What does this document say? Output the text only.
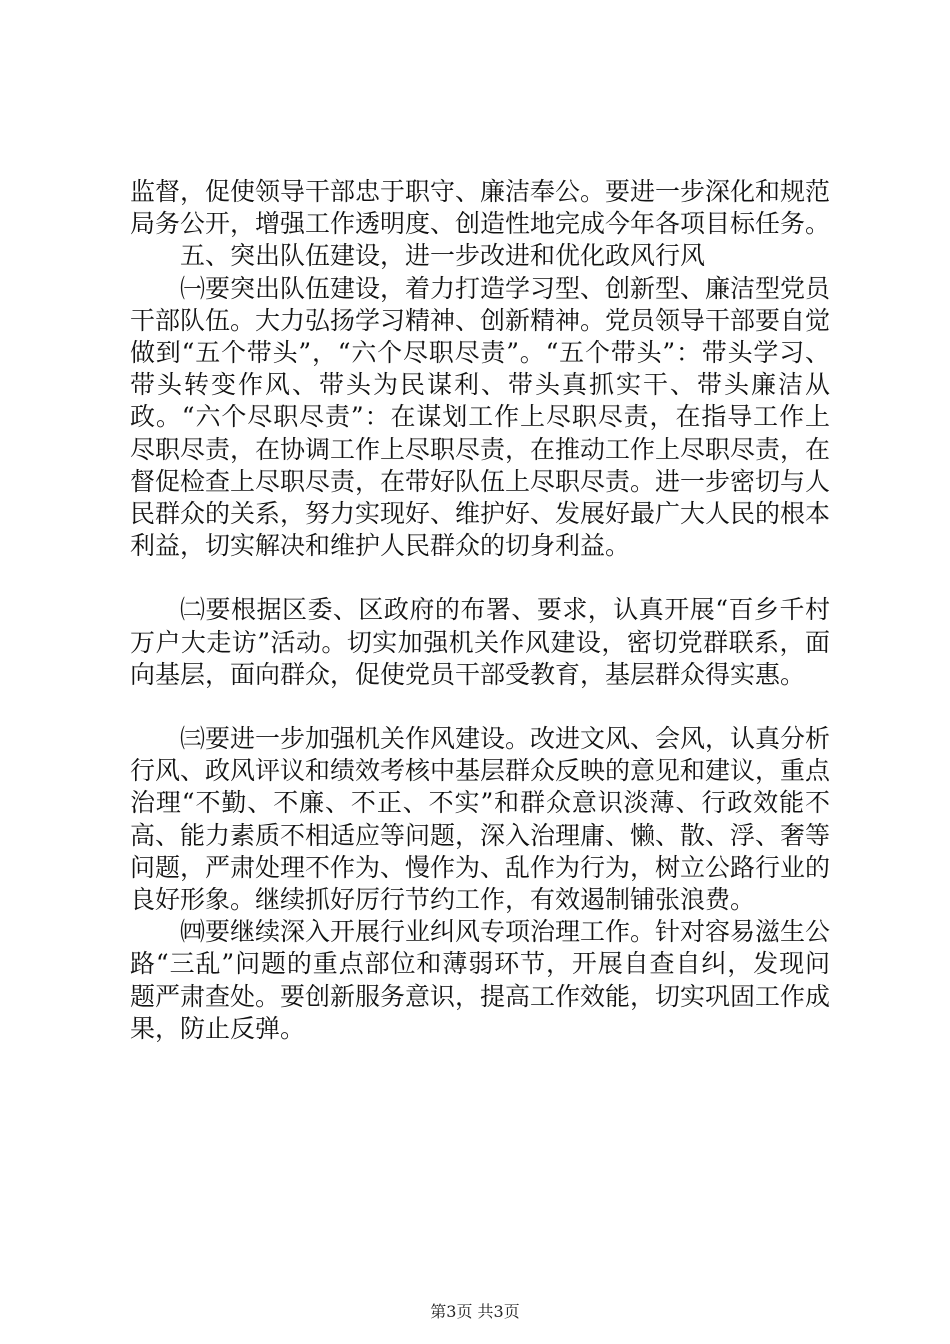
监督，促使领导干部忠于职守、廉洁奉公。要进一步深化和规范局务公开，增强工作透明度、创造性地完成今年各项目标任务。

五、突出队伍建设，进一步改进和优化政风行风

㈠要突出队伍建设，着力打造学习型、创新型、廉洁型党员干部队伍。大力弘扬学习精神、创新精神。党员领导干部要自觉做到“五个带头”，“六个尽职尽责”。“五个带头”：带头学习、带头转变作风、带头为民谋利、带头真抓实干、带头廉洁从政。“六个尽职尽责”：在谋划工作上尽职尽责，在指导工作上尽职尽责，在协调工作上尽职尽责，在推动工作上尽职尽责，在督促检查上尽职尽责，在带好队伍上尽职尽责。进一步密切与人民群众的关系，努力实现好、维护好、发展好最广大人民的根本利益，切实解决和维护人民群众的切身利益。

㈡要根据区委、区政府的布署、要求，认真开展“百乡千村万户大走访”活动。切实加强机关作风建设，密切党群联系，面向基层，面向群众，促使党员干部受教育，基层群众得实惠。

㈢要进一步加强机关作风建设。改进文风、会风，认真分析行风、政风评议和绩效考核中基层群众反映的意见和建议，重点治理“不勤、不廉、不正、不实”和群众意识淡薄、行政效能不高、能力素质不相适应等问题，深入治理庸、懒、散、浮、奢等问题，严肃处理不作为、慢作为、乱作为行为，树立公路行业的良好形象。继续抓好厉行节约工作，有效遏制铺张浪费。

㈣要继续深入开展行业纠风专项治理工作。针对容易滋生公路“三乱”问题的重点部位和薄弱环节，开展自查自纠，发现问题严肃查处。要创新服务意识，提高工作效能，切实巩固工作成果，防止反弹。

第3页 共3页
